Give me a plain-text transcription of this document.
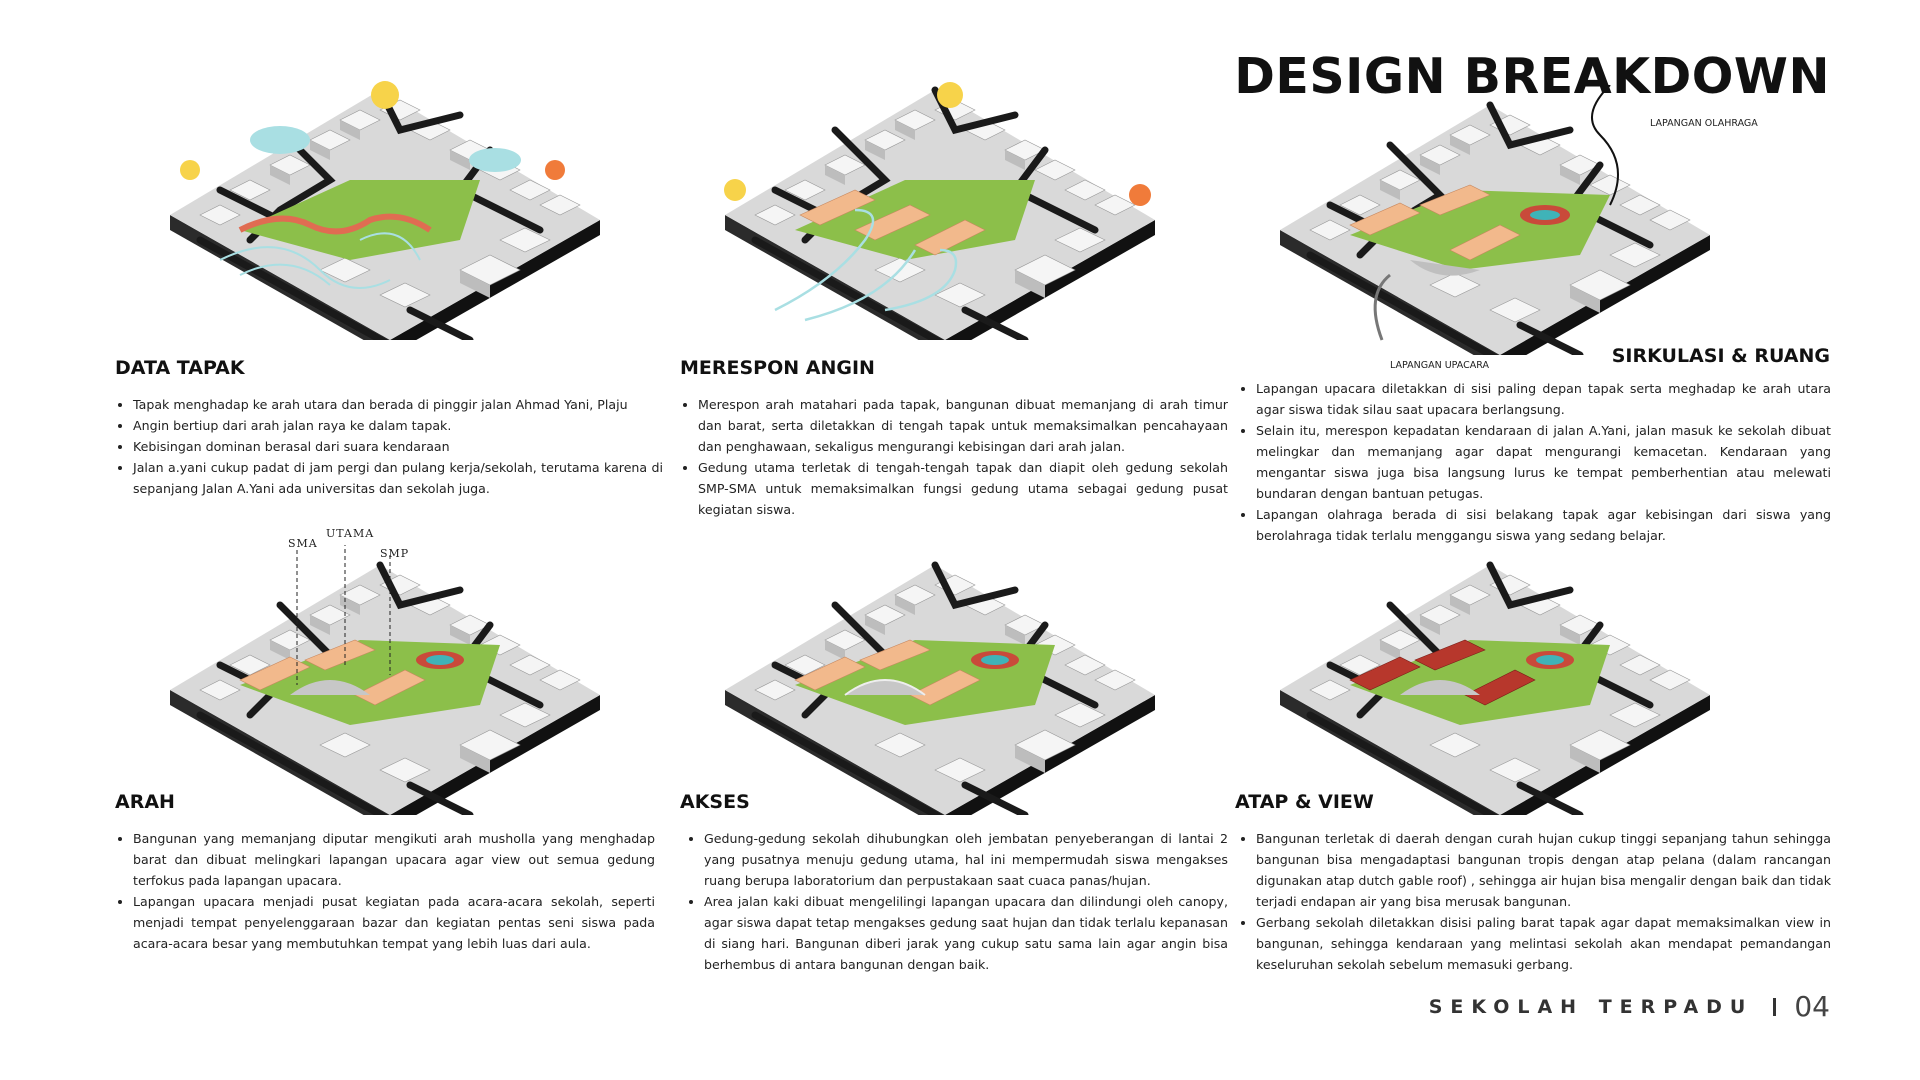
DESIGN BREAKDOWN
LAPANGAN OLAHRAGA
LAPANGAN UPACARA
SMA
UTAMA
SMP
DATA TAPAK	MERESPON ANGIN
SIRKULASI & RUANG
ARAH	AKSES	ATAP & VIEW
• Tapak menghadap ke arah utara dan berada di pinggir jalan Ahmad Yani, Plaju
• Angin bertiup dari arah jalan raya ke dalam tapak.
• Kebisingan dominan berasal dari suara kendaraan
• Jalan a.yani cukup padat di jam pergi dan pulang kerja/sekolah, terutama karena di sepanjang Jalan A.Yani ada universitas dan sekolah juga.
• Merespon arah matahari pada tapak, bangunan dibuat memanjang di arah timur dan barat, serta diletakkan di tengah tapak untuk memaksimalkan pencahayaan dan penghawaan, sekaligus mengurangi kebisingan dari arah jalan.
• Gedung utama terletak di tengah-tengah tapak dan diapit oleh gedung sekolah SMP-SMA untuk memaksimalkan fungsi gedung utama sebagai gedung pusat kegiatan siswa.
• Lapangan upacara diletakkan di sisi paling depan tapak serta meghadap ke arah utara agar siswa tidak silau saat upacara berlangsung.
• Selain itu, merespon kepadatan kendaraan di jalan A.Yani, jalan masuk ke sekolah dibuat melingkar dan memanjang agar dapat mengurangi kemacetan. Kendaraan yang mengantar siswa juga bisa langsung lurus ke tempat pemberhentian atau melewati bundaran dengan bantuan petugas.
• Lapangan olahraga berada di sisi belakang tapak agar kebisingan dari siswa yang berolahraga tidak terlalu menggangu siswa yang sedang belajar.
• Bangunan yang memanjang diputar mengikuti arah musholla yang menghadap barat dan dibuat melingkari lapangan upacara agar view out semua gedung terfokus pada lapangan upacara.
• Lapangan upacara menjadi pusat kegiatan pada acara-acara sekolah, seperti menjadi tempat penyelenggaraan bazar dan kegiatan pentas seni siswa pada acara-acara besar yang membutuhkan tempat yang lebih luas dari aula.
• Gedung-gedung sekolah dihubungkan oleh jembatan penyeberangan di lantai 2 yang pusatnya menuju gedung utama, hal ini mempermudah siswa mengakses ruang berupa laboratorium dan perpustakaan saat cuaca panas/hujan.
• Area jalan kaki dibuat mengelilingi lapangan upacara dan dilindungi oleh canopy, agar siswa dapat tetap mengakses gedung saat hujan dan tidak terlalu kepanasan di siang hari. Bangunan diberi jarak yang cukup satu sama lain agar angin bisa berhembus di antara bangunan dengan baik.
• Bangunan terletak di daerah dengan curah hujan cukup tinggi sepanjang tahun sehingga bangunan bisa mengadaptasi bangunan tropis dengan atap pelana (dalam rancangan digunakan atap dutch gable roof) , sehingga air hujan bisa mengalir dengan baik dan tidak terjadi endapan air yang bisa merusak bangunan.
• Gerbang sekolah diletakkan disisi paling barat tapak agar dapat memaksimalkan view in bangunan, sehingga kendaraan yang melintasi sekolah akan mendapat pemandangan keseluruhan sekolah sebelum memasuki gerbang.
SEKOLAH TERPADU 04
